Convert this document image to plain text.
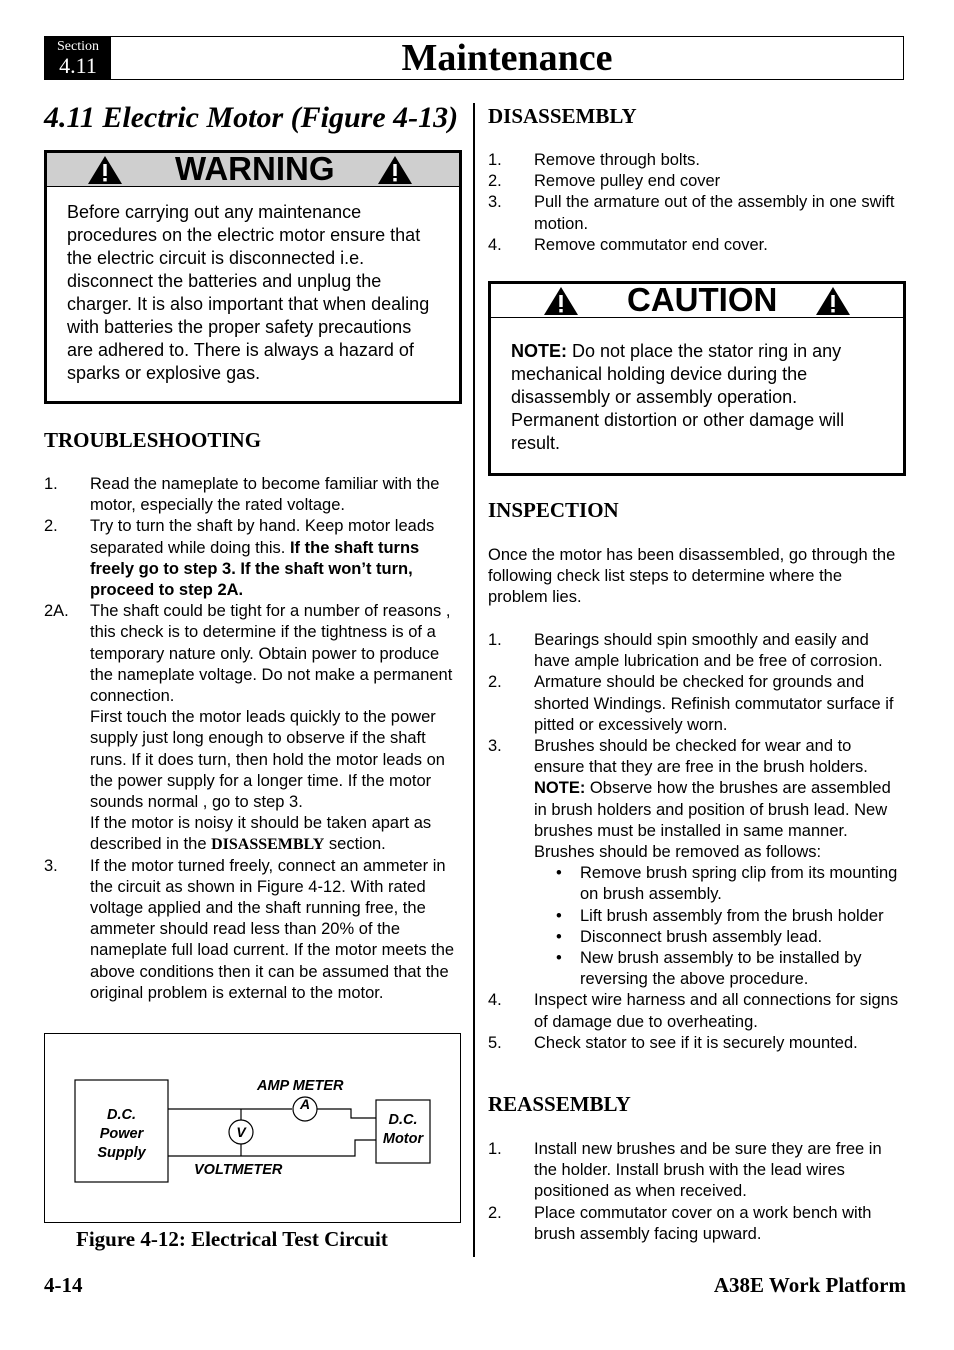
Section
4.11	Maintenance
4.11 Electric Motor (Figure 4-13)
WARNING
Before carrying out any maintenance procedures on the electric motor ensure that the electric circuit is disconnected i.e. disconnect the batteries and unplug the charger. It is also important that when dealing with batteries the proper safety precautions are adhered to. There is always a hazard of sparks or explosive gas.
TROUBLESHOOTING
1. Read the nameplate to become familiar with the motor, especially the rated voltage.
2. Try to turn the shaft by hand. Keep motor leads separated while doing this. If the shaft turns freely go to step 3. If the shaft won’t turn, proceed to step 2A.
2A. The shaft could be tight for a number of reasons , this check is to determine if the tightness is of a temporary nature only. Obtain power to produce the nameplate voltage. Do not make a permanent connection.
First touch the motor leads quickly to the power supply just long enough to observe if the shaft runs. If it does turn, then hold the motor leads on the power supply for a longer time. If the motor sounds normal , go to step 3.
If the motor is noisy it should be taken apart as described in the DISASSEMBLY section.
3. If the motor turned freely, connect an ammeter in the circuit as shown in Figure 4-12. With rated voltage applied and the shaft running free, the ammeter should read less than 20% of the nameplate full load current. If the motor meets the above conditions then it can be assumed that the original problem is external to the motor.
A
V
AMP METER
VOLTMETER
D.C.
Power
Supply
D.C.
Motor
Figure 4-12: Electrical Test Circuit
DISASSEMBLY
1. Remove through bolts.
2. Remove pulley end cover
3. Pull the armature out of the assembly in one swift motion.
4. Remove commutator end cover.
CAUTION
NOTE: Do not place the stator ring in any mechanical holding device during the disassembly or assembly operation. Permanent distortion or other damage will result.
INSPECTION
Once the motor has been disassembled, go through the following check list steps to determine where the problem lies.
1. Bearings should spin smoothly and easily and have ample lubrication and be free of corrosion.
2. Armature should be checked for grounds and shorted Windings. Refinish commutator surface if pitted or excessively worn.
3. Brushes should be checked for wear and to ensure that they are free in the brush holders.
NOTE: Observe how the brushes are assembled in brush holders and position of brush lead. New brushes must be installed in same manner. Brushes should be removed as follows:
• Remove brush spring clip from its mounting on brush assembly.
• Lift brush assembly from the brush holder
• Disconnect brush assembly lead.
• New brush assembly to be installed by reversing the above procedure.
4. Inspect wire harness and all connections for signs of damage due to overheating.
5. Check stator to see if it is securely mounted.
REASSEMBLY
1. Install new brushes and be sure they are free in the holder. Install brush with the lead wires positioned as when received.
2. Place commutator cover on a work bench with brush assembly facing upward.
4-14	A38E Work Platform
